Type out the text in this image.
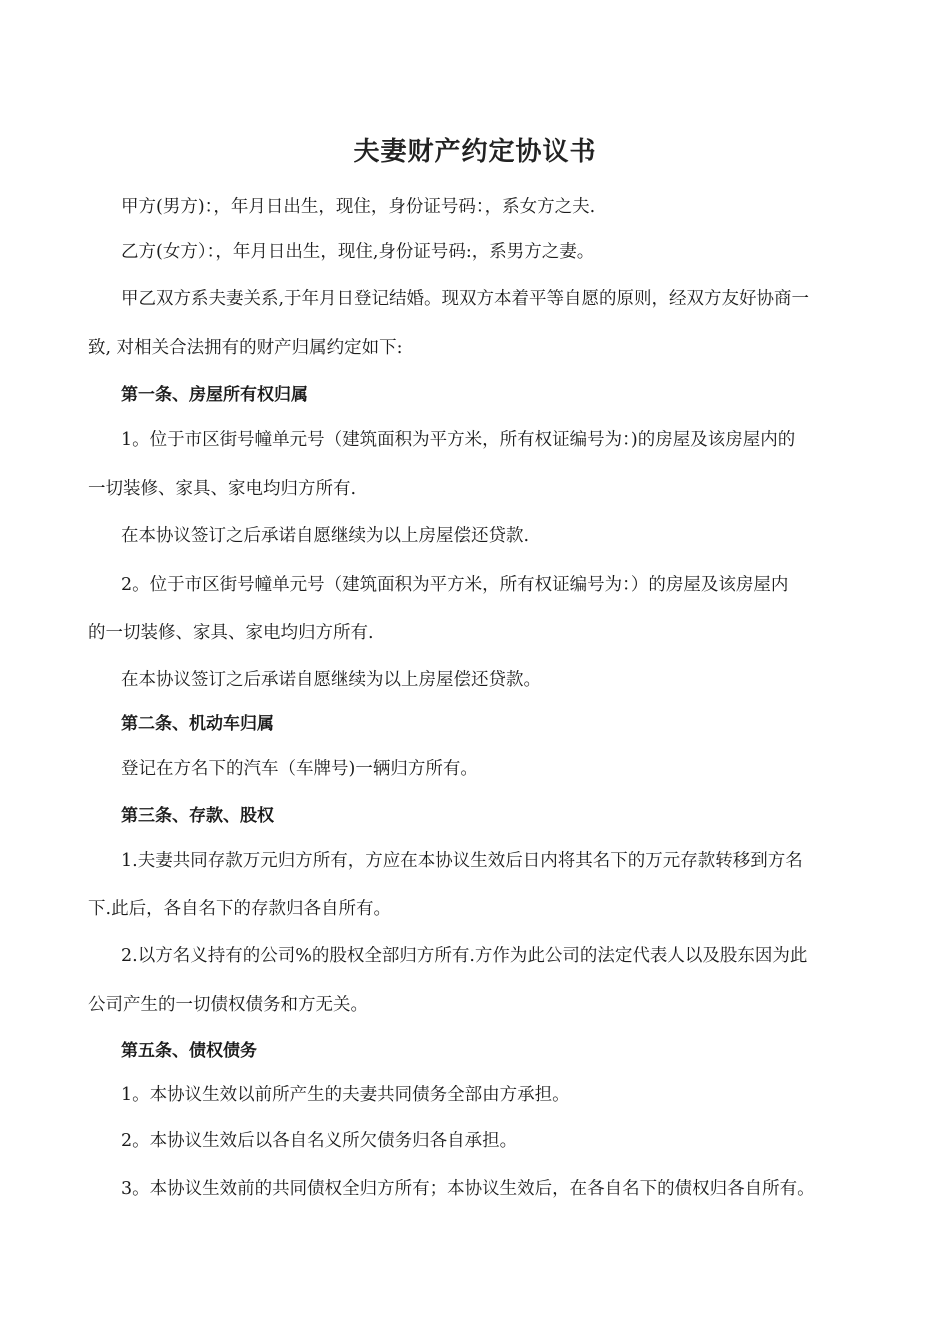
夫妻财产约定协议书
甲方(男方)：，年月日出生，现住，身份证号码：，系女方之夫.
乙方(女方）：，年月日出生，现住,身份证号码:，系男方之妻。
甲乙双方系夫妻关系,于年月日登记结婚。现双方本着平等自愿的原则，经双方友好协商一
致, 对相关合法拥有的财产归属约定如下:
第一条、房屋所有权归属
1。位于市区街号幢单元号（建筑面积为平方米，所有权证编号为：)的房屋及该房屋内的
一切装修、家具、家电均归方所有.
在本协议签订之后承诺自愿继续为以上房屋偿还贷款.
2。位于市区街号幢单元号（建筑面积为平方米，所有权证编号为：）的房屋及该房屋内
的一切装修、家具、家电均归方所有.
在本协议签订之后承诺自愿继续为以上房屋偿还贷款。
第二条、机动车归属
登记在方名下的汽车（车牌号)一辆归方所有。
第三条、存款、股权
1.夫妻共同存款万元归方所有，方应在本协议生效后日内将其名下的万元存款转移到方名
下.此后，各自名下的存款归各自所有。
2.以方名义持有的公司%的股权全部归方所有.方作为此公司的法定代表人以及股东因为此
公司产生的一切债权债务和方无关。
第五条、债权债务
1。本协议生效以前所产生的夫妻共同债务全部由方承担。
2。本协议生效后以各自名义所欠债务归各自承担。
3。本协议生效前的共同债权全归方所有；本协议生效后，在各自名下的债权归各自所有。
